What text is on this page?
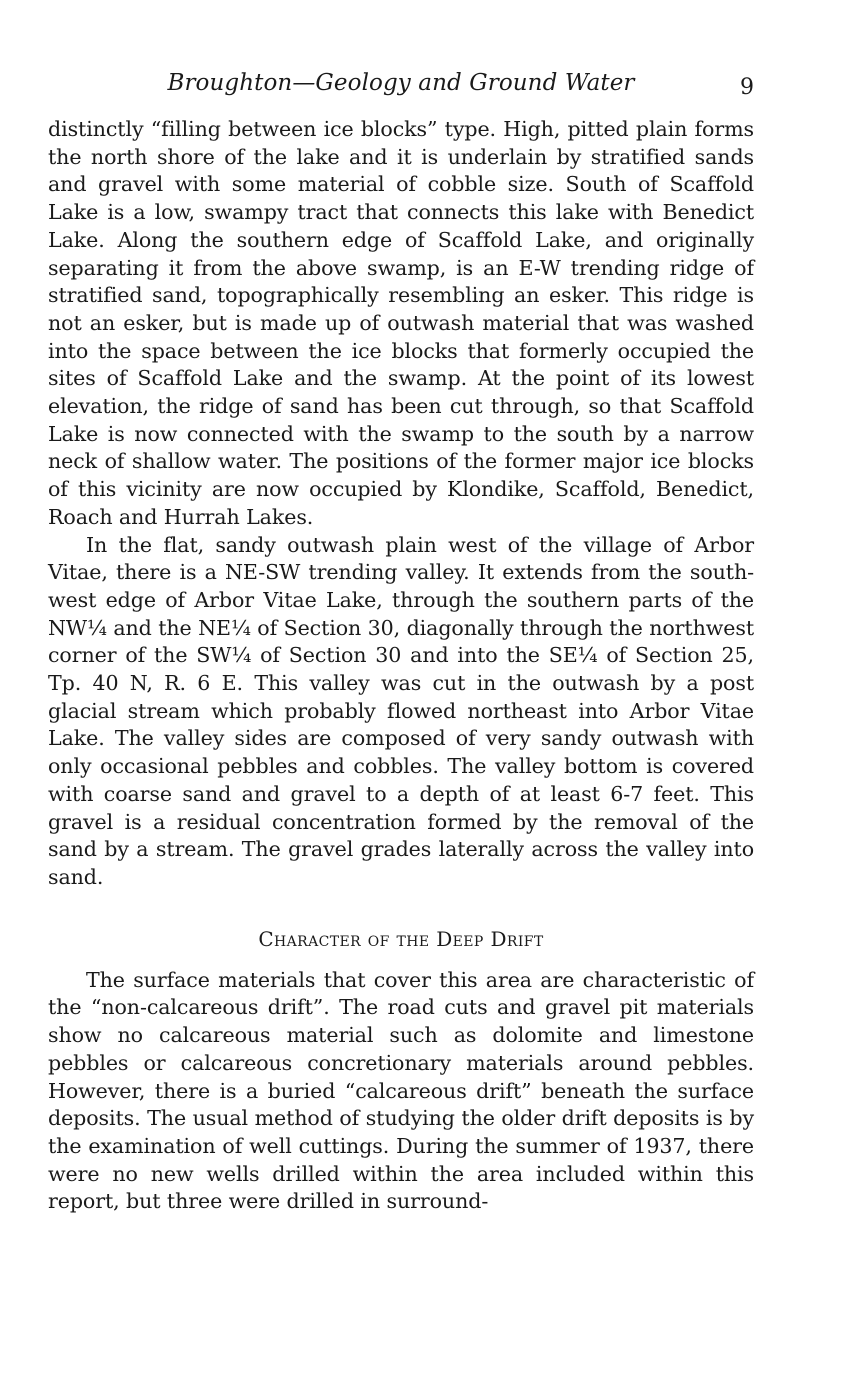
Broughton—Geology and Ground Water	9

distinctly “filling between ice blocks” type. High, pitted plain forms the north shore of the lake and it is underlain by stratified sands and gravel with some material of cobble size. South of Scaffold Lake is a low, swampy tract that connects this lake with Benedict Lake. Along the southern edge of Scaffold Lake, and originally separating it from the above swamp, is an E-W trending ridge of stratified sand, topographically resembling an esker. This ridge is not an esker, but is made up of outwash material that was washed into the space between the ice blocks that formerly occupied the sites of Scaffold Lake and the swamp. At the point of its lowest elevation, the ridge of sand has been cut through, so that Scaffold Lake is now connected with the swamp to the south by a narrow neck of shallow water. The positions of the former major ice blocks of this vicinity are now occupied by Klondike, Scaffold, Benedict, Roach and Hurrah Lakes.

In the flat, sandy outwash plain west of the village of Arbor Vitae, there is a NE-SW trending valley. It extends from the south-west edge of Arbor Vitae Lake, through the southern parts of the NW¼ and the NE¼ of Section 30, diagonally through the northwest corner of the SW¼ of Section 30 and into the SE¼ of Section 25, Tp. 40 N, R. 6 E. This valley was cut in the outwash by a post glacial stream which probably flowed northeast into Arbor Vitae Lake. The valley sides are composed of very sandy outwash with only occasional pebbles and cobbles. The valley bottom is covered with coarse sand and gravel to a depth of at least 6-7 feet. This gravel is a residual concentration formed by the removal of the sand by a stream. The gravel grades laterally across the valley into sand.

Character of the Deep Drift

The surface materials that cover this area are characteristic of the “non-calcareous drift”. The road cuts and gravel pit materials show no calcareous material such as dolomite and limestone pebbles or calcareous concretionary materials around pebbles. However, there is a buried “calcareous drift” beneath the surface deposits. The usual method of studying the older drift deposits is by the examination of well cuttings. During the summer of 1937, there were no new wells drilled within the area included within this report, but three were drilled in surround-
